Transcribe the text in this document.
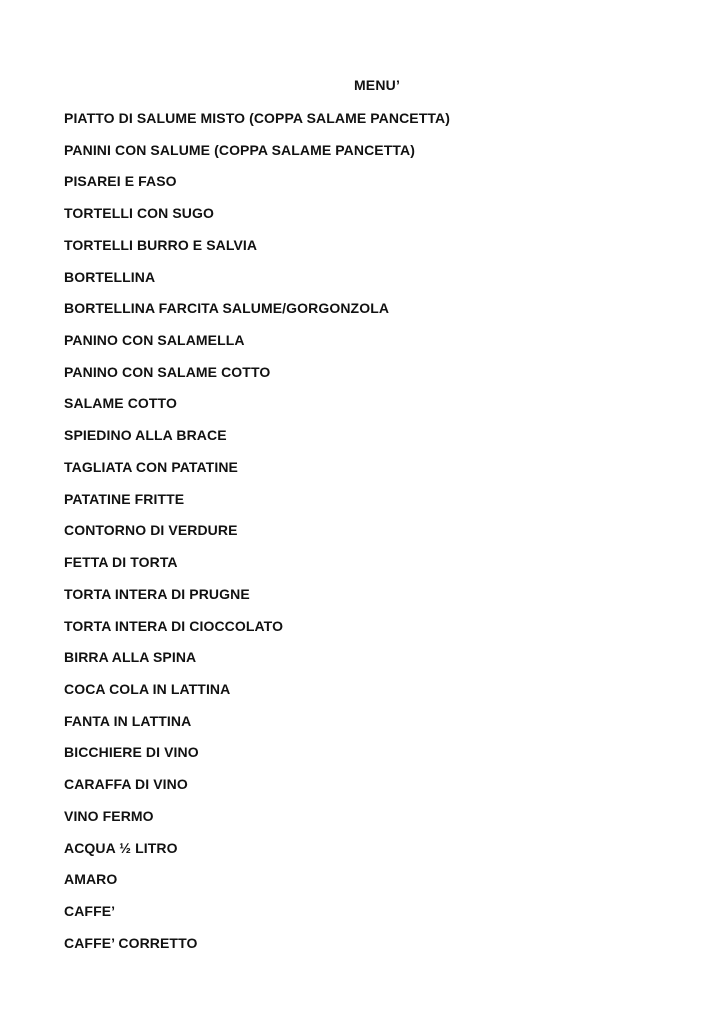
MENU’
PIATTO DI SALUME MISTO (COPPA SALAME PANCETTA)
PANINI CON SALUME (COPPA SALAME PANCETTA)
PISAREI E FASO
TORTELLI CON SUGO
TORTELLI BURRO E SALVIA
BORTELLINA
BORTELLINA FARCITA SALUME/GORGONZOLA
PANINO CON SALAMELLA
PANINO CON SALAME COTTO
SALAME COTTO
SPIEDINO ALLA BRACE
TAGLIATA CON PATATINE
PATATINE FRITTE
CONTORNO DI VERDURE
FETTA DI TORTA
TORTA INTERA DI PRUGNE
TORTA INTERA DI CIOCCOLATO
BIRRA ALLA SPINA
COCA COLA IN LATTINA
FANTA IN LATTINA
BICCHIERE DI VINO
CARAFFA DI VINO
VINO FERMO
ACQUA ½ LITRO
AMARO
CAFFE’
CAFFE’ CORRETTO
